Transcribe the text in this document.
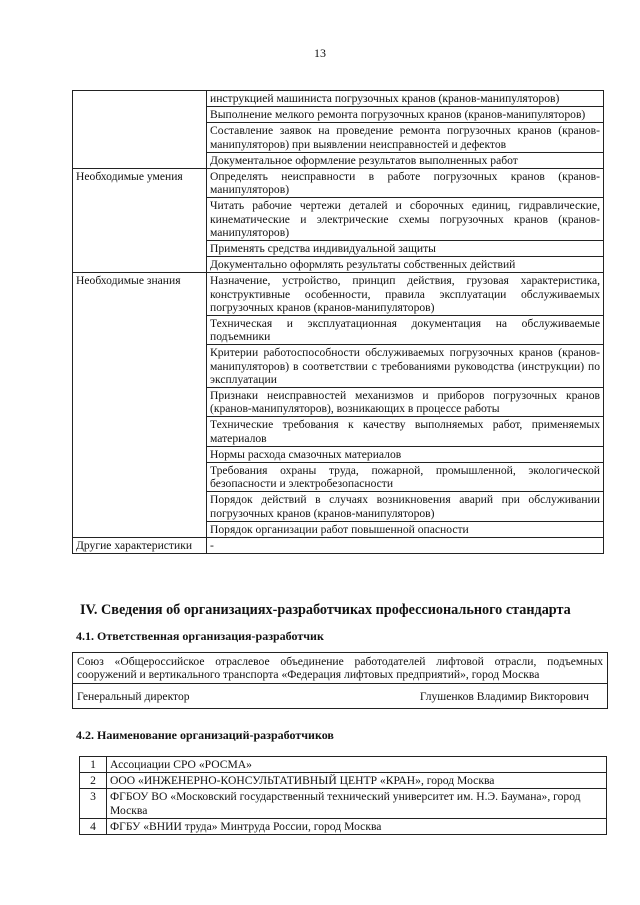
13
	инструкцией машиниста погрузочных кранов (кранов-манипуляторов)
	Выполнение мелкого ремонта погрузочных кранов (кранов-манипуляторов)
	Составление заявок на проведение ремонта погрузочных кранов (кранов-манипуляторов) при выявлении неисправностей и дефектов
	Документальное оформление результатов выполненных работ
Необходимые умения	Определять неисправности в работе погрузочных кранов (кранов-манипуляторов)
	Читать рабочие чертежи деталей и сборочных единиц, гидравлические, кинематические и электрические схемы погрузочных кранов (кранов-манипуляторов)
	Применять средства индивидуальной защиты
	Документально оформлять результаты собственных действий
Необходимые знания	Назначение, устройство, принцип действия, грузовая характеристика, конструктивные особенности, правила эксплуатации обслуживаемых погрузочных кранов (кранов-манипуляторов)
	Техническая и эксплуатационная документация на обслуживаемые подъемники
	Критерии работоспособности обслуживаемых погрузочных кранов (кранов-манипуляторов) в соответствии с требованиями руководства (инструкции) по эксплуатации
	Признаки неисправностей механизмов и приборов погрузочных кранов (кранов-манипуляторов), возникающих в процессе работы
	Технические требования к качеству выполняемых работ, применяемых материалов
	Нормы расхода смазочных материалов
	Требования охраны труда, пожарной, промышленной, экологической безопасности и электробезопасности
	Порядок действий в случаях возникновения аварий при обслуживании погрузочных кранов (кранов-манипуляторов)
	Порядок организации работ повышенной опасности
Другие характеристики	-
IV. Сведения об организациях-разработчиках профессионального стандарта
4.1. Ответственная организация-разработчик
Союз «Общероссийское отраслевое объединение работодателей лифтовой отрасли, подъемных сооружений и вертикального транспорта «Федерация лифтовых предприятий», город Москва

Генеральный директор	Глушенков Владимир Викторович
4.2. Наименование организаций-разработчиков
1	Ассоциации СРО «РОСМА»
2	ООО «ИНЖЕНЕРНО-КОНСУЛЬТАТИВНЫЙ ЦЕНТР «КРАН», город Москва
3	ФГБОУ ВО «Московский государственный технический университет им. Н.Э. Баумана», город Москва
4	ФГБУ «ВНИИ труда» Минтруда России, город Москва
